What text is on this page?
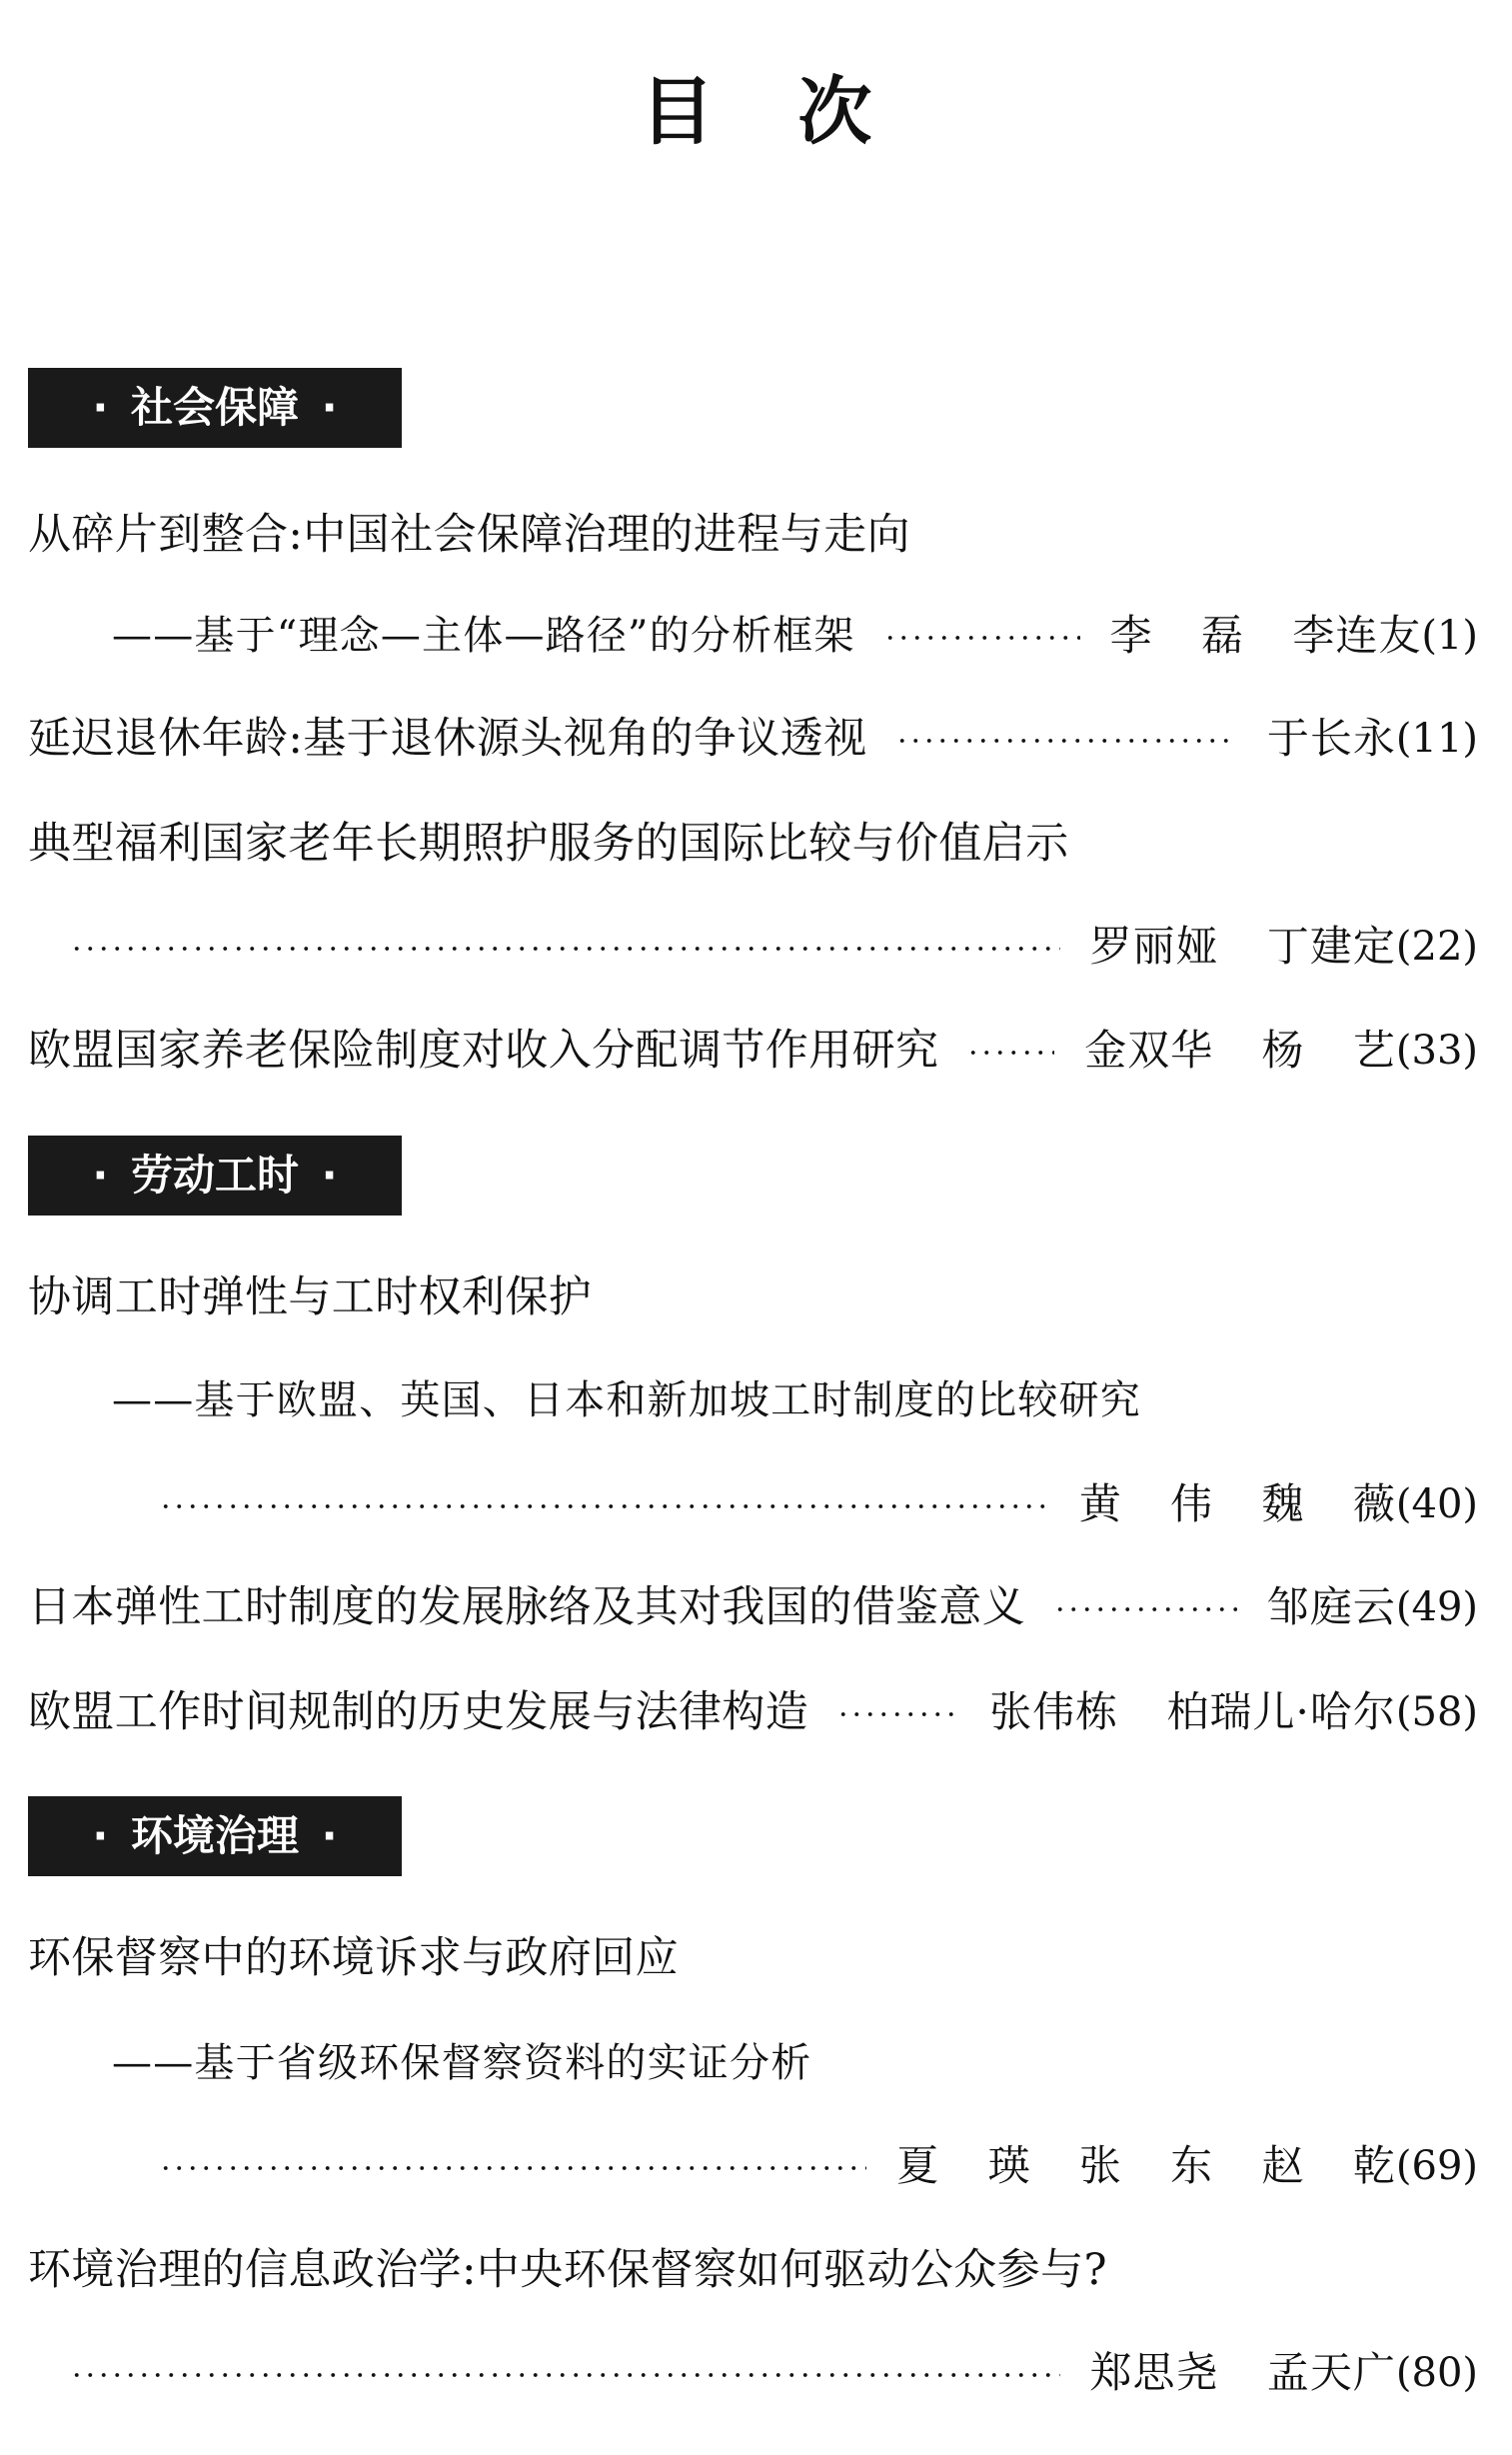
目 次
· 社会保障 ·
从碎片到整合:中国社会保障治理的进程与走向
——基于“理念—主体—路径”的分析框架	李 磊 李连友 (1)
延迟退休年龄:基于退休源头视角的争议透视	于长永 (11)
典型福利国家老年长期照护服务的国际比较与价值启示
罗丽娅 丁建定 (22)
欧盟国家养老保险制度对收入分配调节作用研究	金双华 杨 艺 (33)
· 劳动工时 ·
协调工时弹性与工时权利保护
——基于欧盟、英国、日本和新加坡工时制度的比较研究
黄 伟 魏 薇 (40)
日本弹性工时制度的发展脉络及其对我国的借鉴意义	邹庭云 (49)
欧盟工作时间规制的历史发展与法律构造	张伟栋 柏瑞儿·哈尔 (58)
· 环境治理 ·
环保督察中的环境诉求与政府回应
——基于省级环保督察资料的实证分析
夏 瑛 张 东 赵 乾 (69)
环境治理的信息政治学:中央环保督察如何驱动公众参与?
郑思尧 孟天广 (80)
